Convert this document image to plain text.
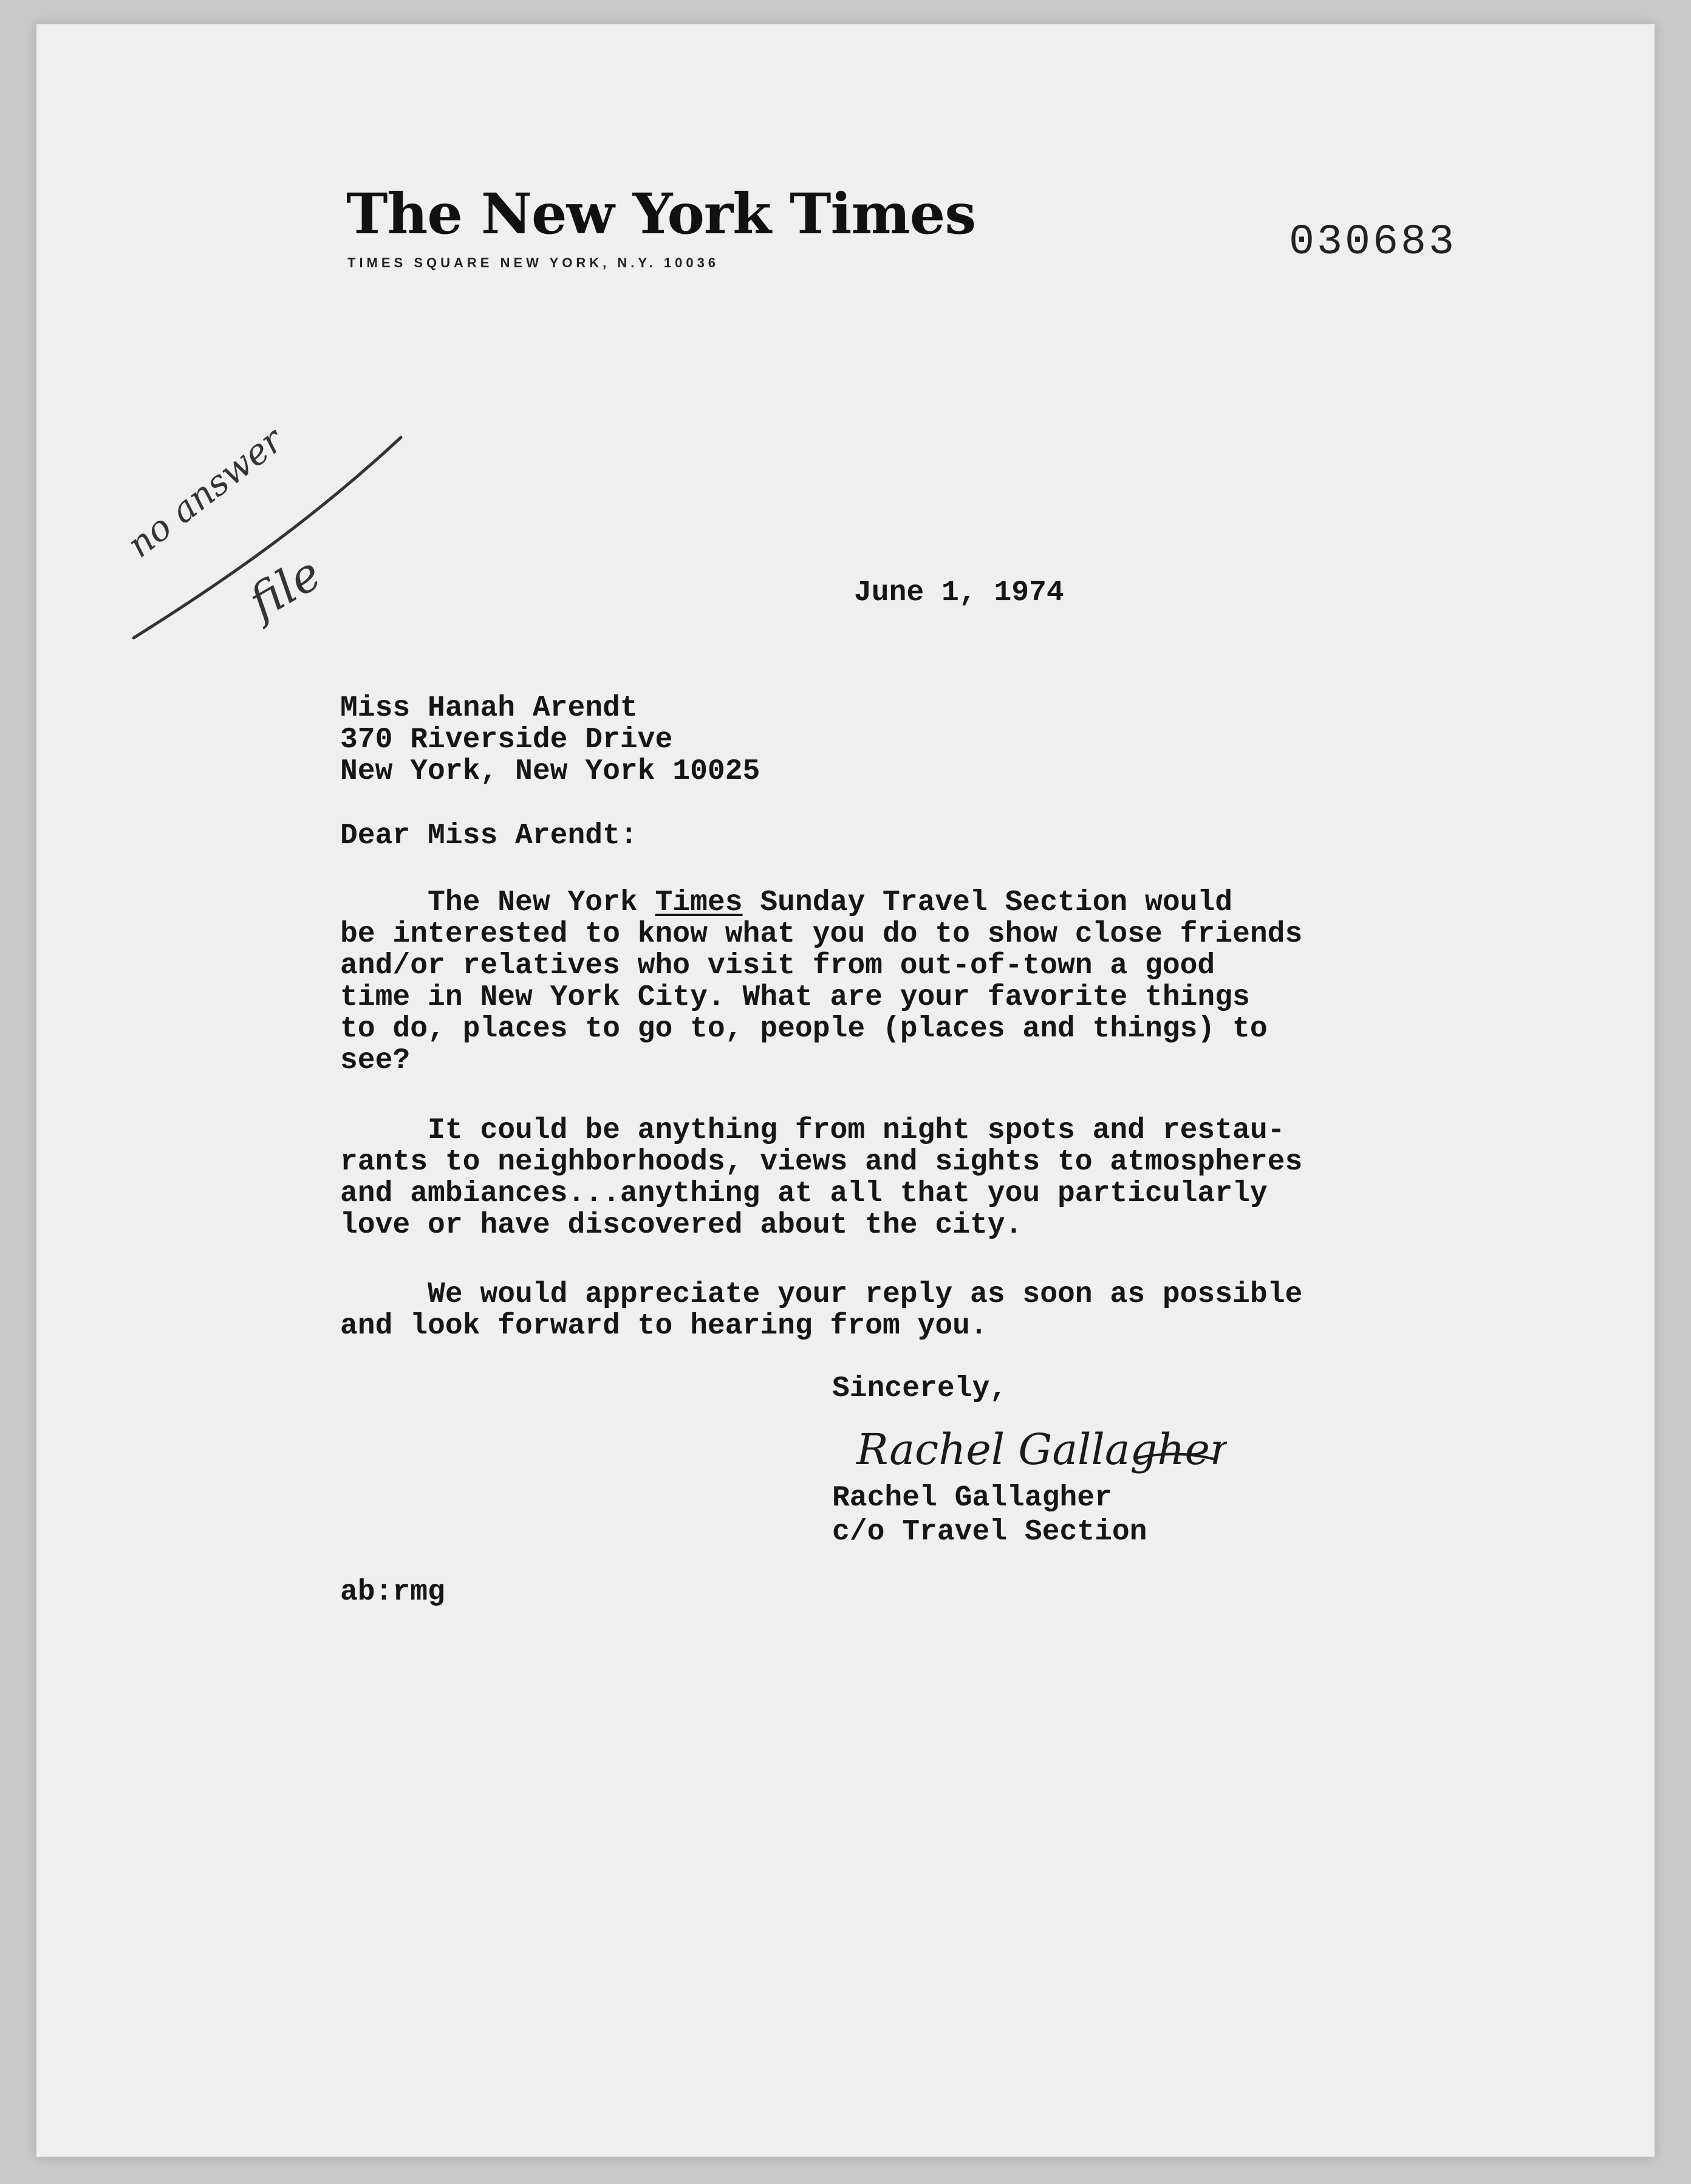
The New York Times
TIMES SQUARE NEW YORK, N.Y. 10036	030683
no answer
file	June 1, 1974
Miss Hanah Arendt
370 Riverside Drive
New York, New York 10025
Dear Miss Arendt:
The New York Times Sunday Travel Section would
be interested to know what you do to show close friends
and/or relatives who visit from out-of-town a good
time in New York City. What are your favorite things
to do, places to go to, people (places and things) to
see?
It could be anything from night spots and restau-
rants to neighborhoods, views and sights to atmospheres
and ambiances...anything at all that you particularly
love or have discovered about the city.
We would appreciate your reply as soon as possible
and look forward to hearing from you.
Sincerely,
Rachel Gallagher
Rachel Gallagher
c/o Travel Section
ab:rmg
